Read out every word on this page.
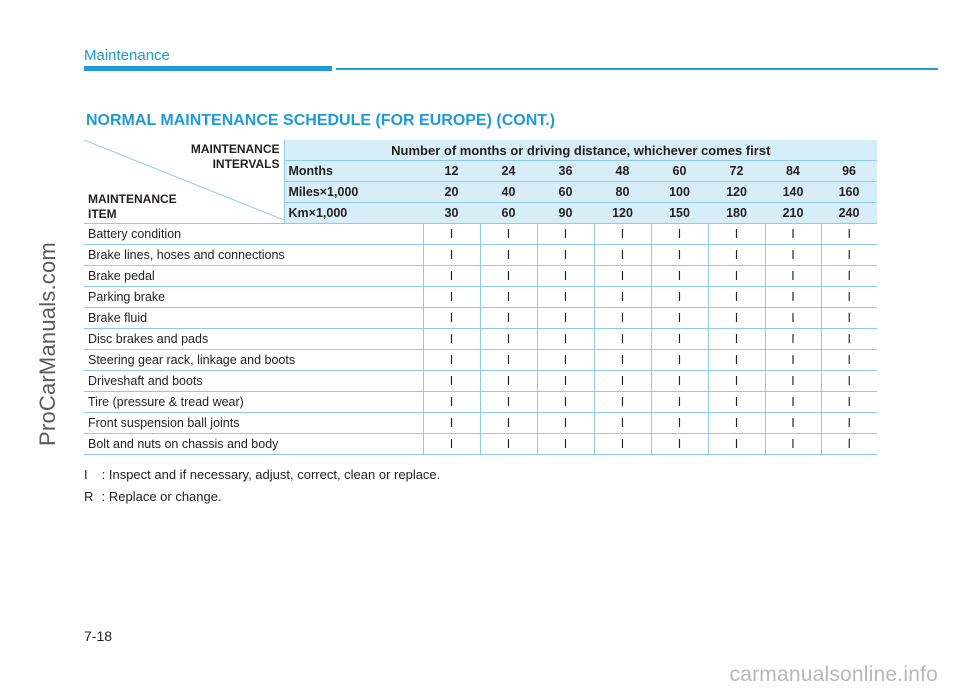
Maintenance
ProCarManuals.com
NORMAL MAINTENANCE SCHEDULE (FOR EUROPE) (CONT.)
MAINTENANCE
INTERVALS
MAINTENANCE
ITEM	Number of months or driving distance, whichever comes first								
	Months	12	24	36	48	60	72	84	96
	Miles×1,000	20	40	60	80	100	120	140	160
	Km×1,000	30	60	90	120	150	180	210	240
Battery condition		I	I	I	I	I	I	I	I
Brake lines, hoses and connections		I	I	I	I	I	I	I	I
Brake pedal		I	I	I	I	I	I	I	I
Parking brake		I	I	I	I	I	I	I	I
Brake fluid		I	I	I	I	I	I	I	I
Disc brakes and pads		I	I	I	I	I	I	I	I
Steering gear rack, linkage and boots		I	I	I	I	I	I	I	I
Driveshaft and boots		I	I	I	I	I	I	I	I
Tire (pressure & tread wear)		I	I	I	I	I	I	I	I
Front suspension ball joints		I	I	I	I	I	I	I	I
Bolt and nuts on chassis and body		I	I	I	I	I	I	I	I
I : Inspect and if necessary, adjust, correct, clean or replace.
R : Replace or change.
7-18
carmanualsonline.info
